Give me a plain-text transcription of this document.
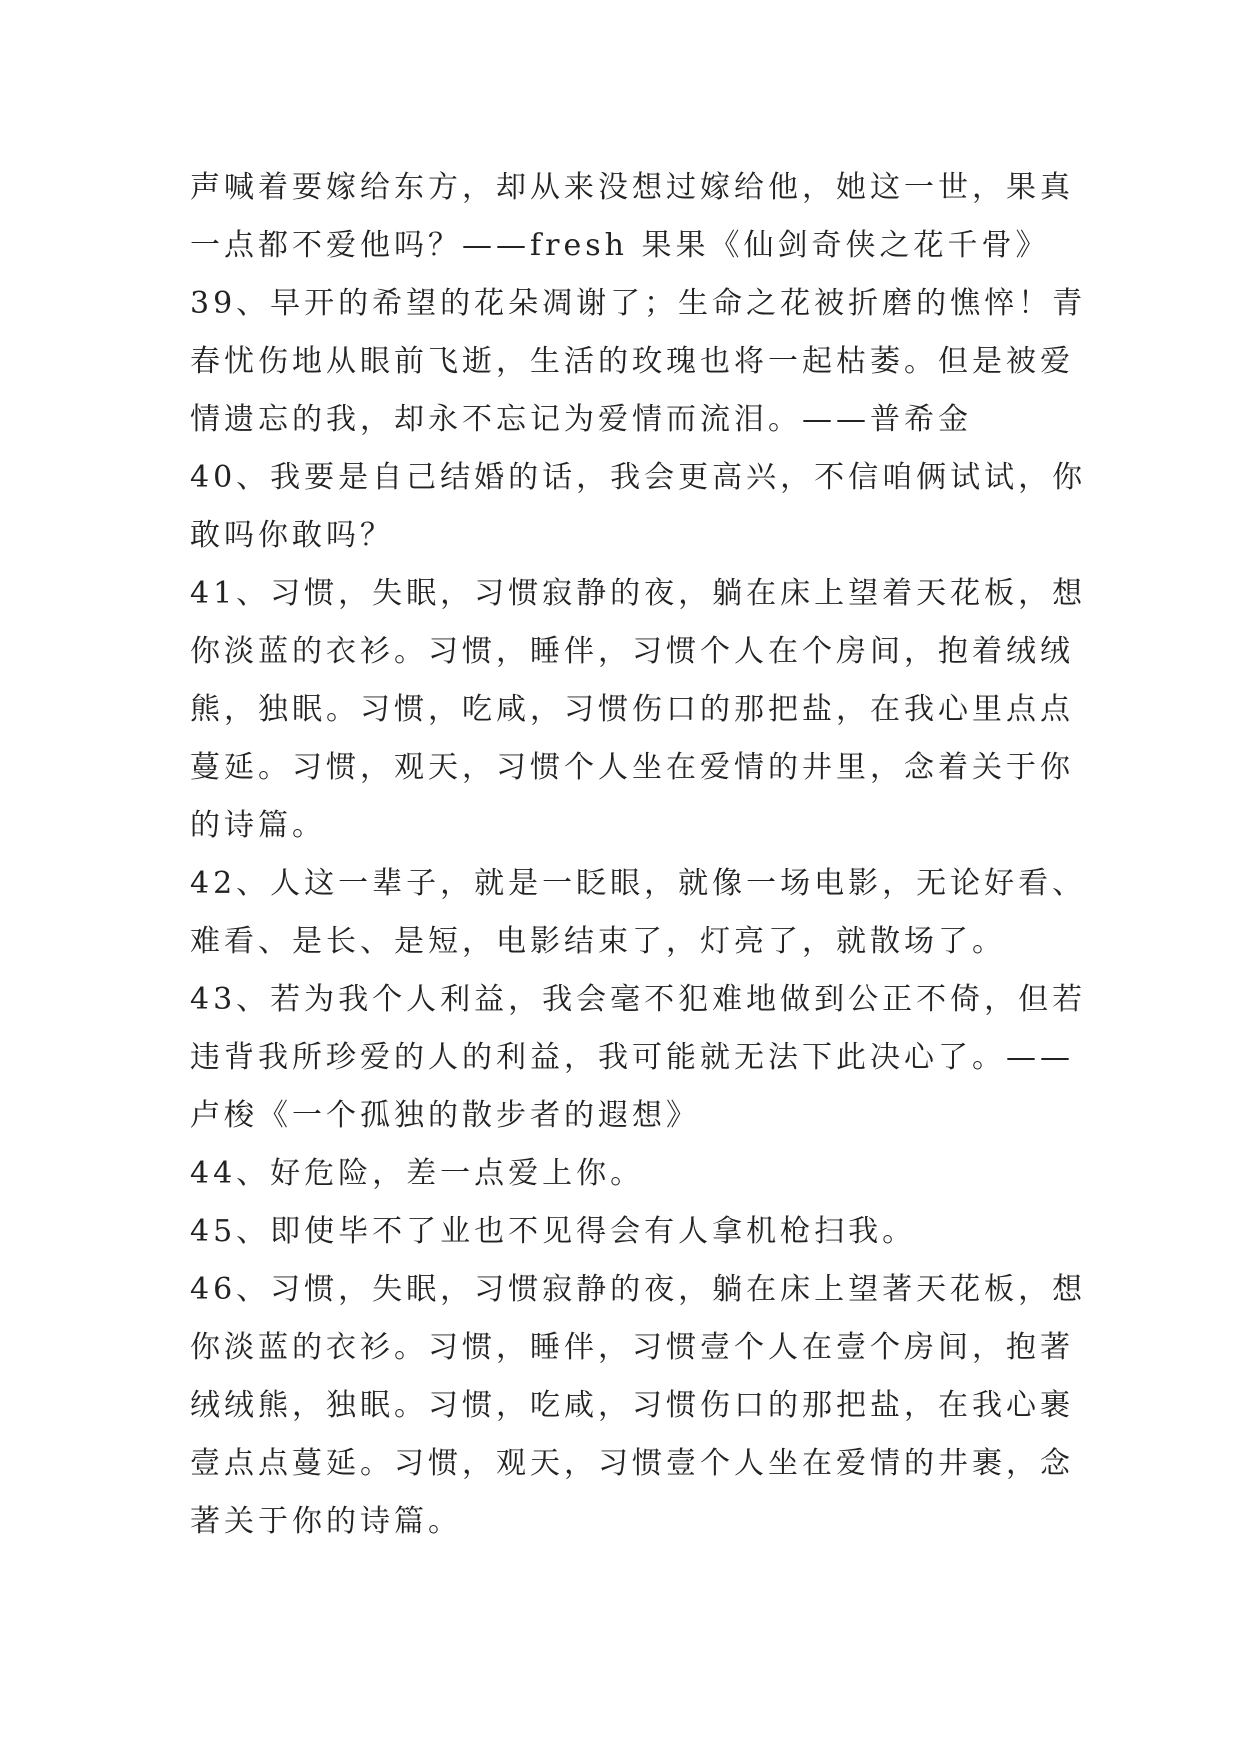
声喊着要嫁给东方，却从来没想过嫁给他，她这一世，果真
一点都不爱他吗？——fresh 果果《仙剑奇侠之花千骨》
39、早开的希望的花朵凋谢了；生命之花被折磨的憔悴！青
春忧伤地从眼前飞逝，生活的玫瑰也将一起枯萎。但是被爱
情遗忘的我，却永不忘记为爱情而流泪。——普希金
40、我要是自己结婚的话，我会更高兴，不信咱俩试试，你
敢吗你敢吗？
41、习惯，失眠，习惯寂静的夜，躺在床上望着天花板，想
你淡蓝的衣衫。习惯，睡伴，习惯个人在个房间，抱着绒绒
熊，独眠。习惯，吃咸，习惯伤口的那把盐，在我心里点点
蔓延。习惯，观天，习惯个人坐在爱情的井里，念着关于你
的诗篇。
42、人这一辈子，就是一眨眼，就像一场电影，无论好看、
难看、是长、是短，电影结束了，灯亮了，就散场了。
43、若为我个人利益，我会毫不犯难地做到公正不倚，但若
违背我所珍爱的人的利益，我可能就无法下此决心了。——
卢梭《一个孤独的散步者的遐想》
44、好危险，差一点爱上你。
45、即使毕不了业也不见得会有人拿机枪扫我。
46、习惯，失眠，习惯寂静的夜，躺在床上望著天花板，想
你淡蓝的衣衫。习惯，睡伴，习惯壹个人在壹个房间，抱著
绒绒熊，独眠。习惯，吃咸，习惯伤口的那把盐，在我心裹
壹点点蔓延。习惯，观天，习惯壹个人坐在爱情的井裹，念
著关于你的诗篇。
